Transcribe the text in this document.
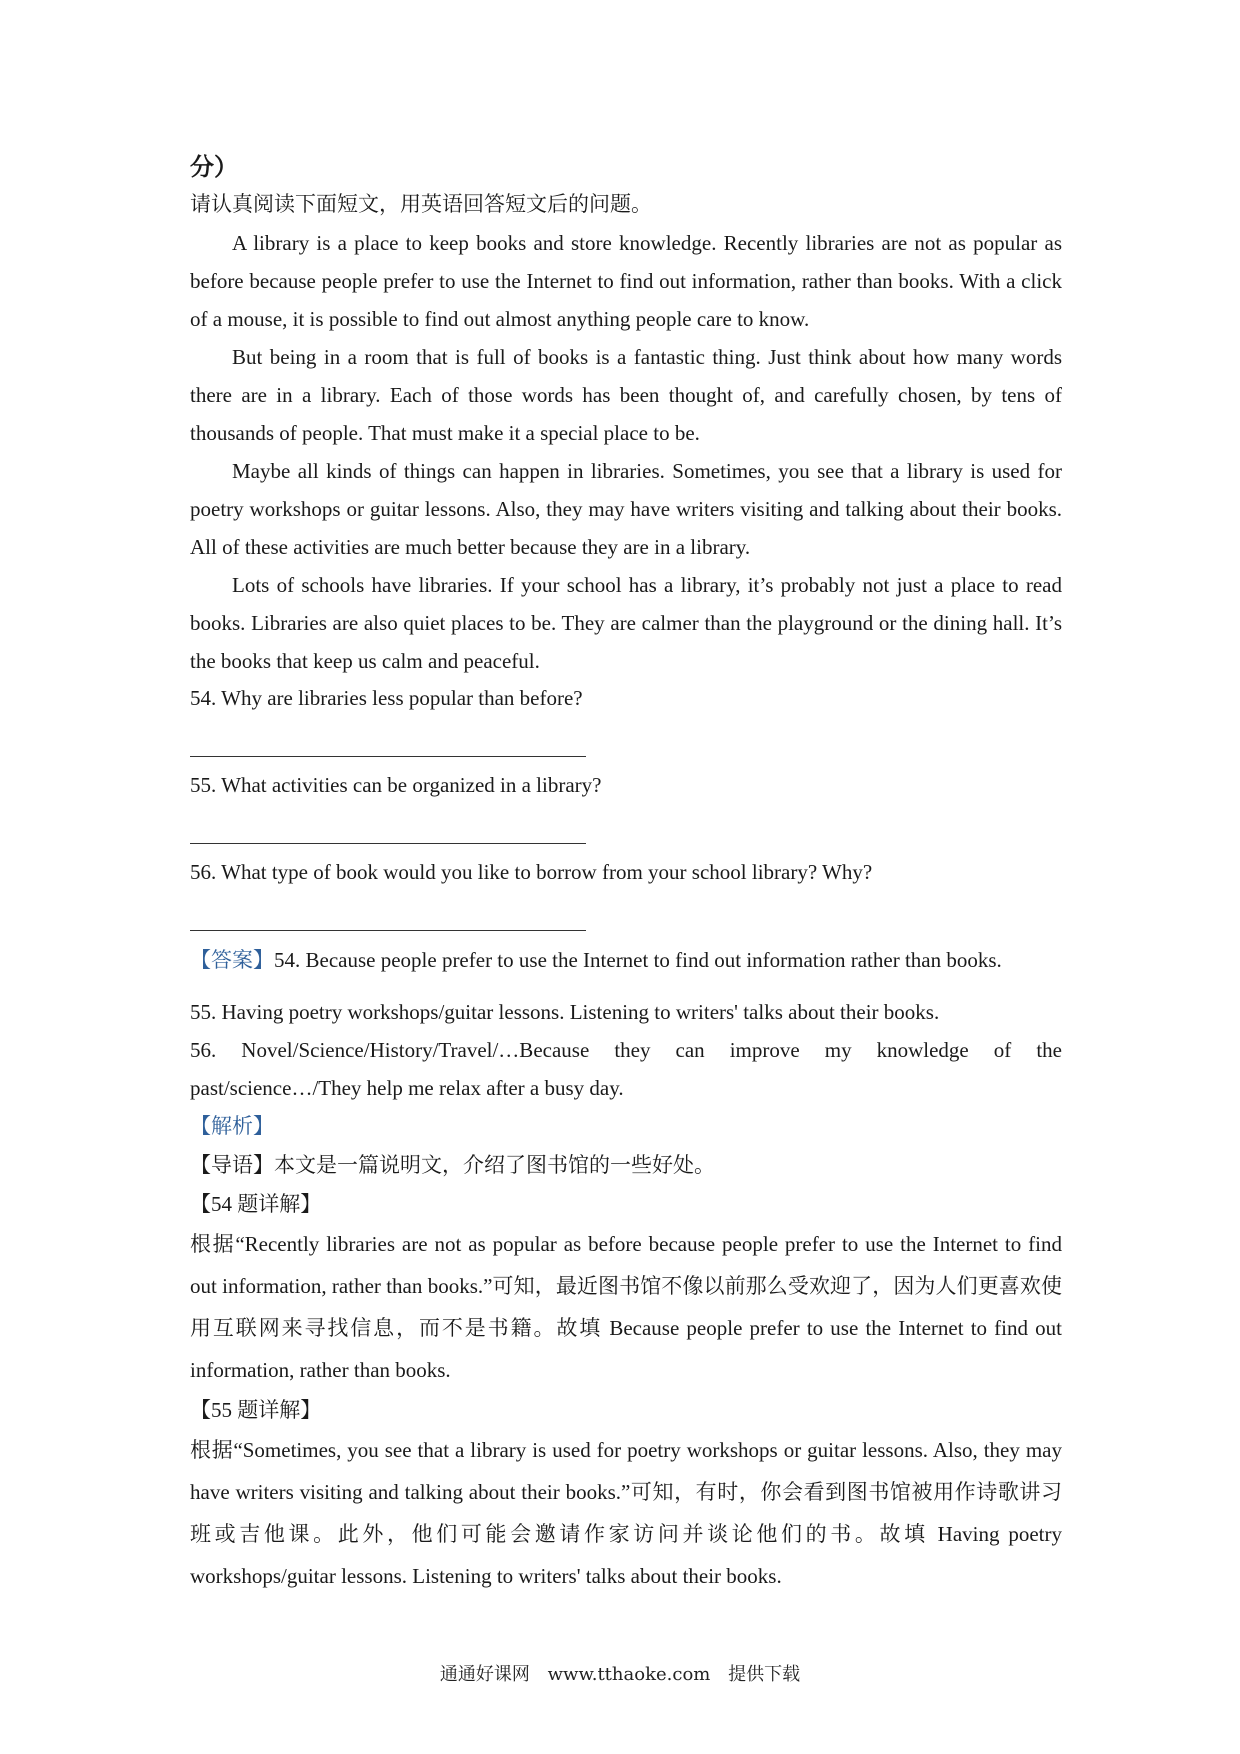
分）
请认真阅读下面短文，用英语回答短文后的问题。
A library is a place to keep books and store knowledge. Recently libraries are not as popular as before because people prefer to use the Internet to find out information, rather than books. With a click of a mouse, it is possible to find out almost anything people care to know.
But being in a room that is full of books is a fantastic thing. Just think about how many words there are in a library. Each of those words has been thought of, and carefully chosen, by tens of thousands of people. That must make it a special place to be.
Maybe all kinds of things can happen in libraries. Sometimes, you see that a library is used for poetry workshops or guitar lessons. Also, they may have writers visiting and talking about their books. All of these activities are much better because they are in a library.
Lots of schools have libraries. If your school has a library, it’s probably not just a place to read books. Libraries are also quiet places to be. They are calmer than the playground or the dining hall. It’s the books that keep us calm and peaceful.
54. Why are libraries less popular than before?
55. What activities can be organized in a library?
56. What type of book would you like to borrow from your school library? Why?
【答案】54. Because people prefer to use the Internet to find out information rather than books.
55. Having poetry workshops/guitar lessons. Listening to writers' talks about their books.
56. Novel/Science/History/Travel/…Because they can improve my knowledge of the past/science…/They help me relax after a busy day.
【解析】
【导语】本文是一篇说明文，介绍了图书馆的一些好处。
【54 题详解】
根据“Recently libraries are not as popular as before because people prefer to use the Internet to find out information, rather than books.”可知，最近图书馆不像以前那么受欢迎了，因为人们更喜欢使用互联网来寻找信息，而不是书籍。故填 Because people prefer to use the Internet to find out information, rather than books.
【55 题详解】
根据“Sometimes, you see that a library is used for poetry workshops or guitar lessons. Also, they may have writers visiting and talking about their books.”可知，有时，你会看到图书馆被用作诗歌讲习班或吉他课。此外，他们可能会邀请作家访问并谈论他们的书。故填 Having poetry workshops/guitar lessons. Listening to writers' talks about their books.
通通好课网 www.tthaoke.com 提供下载
